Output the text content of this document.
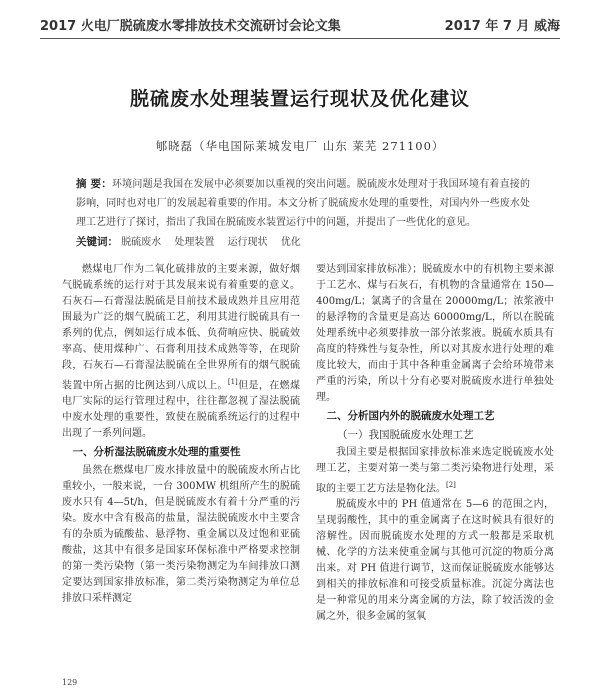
2017 火电厂脱硫废水零排放技术交流研讨会论文集	2017 年 7 月 威海
脱硫废水处理装置运行现状及优化建议
郇晓磊（华电国际莱城发电厂 山东 莱芜 271100）
摘 要：环境问题是我国在发展中必须要加以重视的突出问题。脱硫废水处理对于我国环境有着直接的影响，同时也对电厂的发展起着重要的作用。本文分析了脱硫废水处理的重要性，对国内外一些废水处理工艺进行了探讨，指出了我国在脱硫废水装置运行中的问题，并提出了一些优化的意见。
关键词： 脱硫废水 处理装置 运行现状 优化

燃煤电厂作为二氧化硫排放的主要来源，做好烟气脱硫系统的运行对于其发展来说有着重要的意义。石灰石—石膏湿法脱硫是目前技术最成熟并且应用范围最为广泛的烟气脱硫工艺，利用其进行脱硫具有一系列的优点，例如运行成本低、负荷响应快、脱硫效率高、使用煤种广、石膏利用技术成熟等等，在现阶段，石灰石—石膏湿法脱硫在全世界所有的烟气脱硫装置中所占据的比例达到八成以上。[1]但是，在燃煤电厂实际的运行管理过程中，往往都忽视了湿法脱硫中废水处理的重要性，致使在脱硫系统运行的过程中出现了一系列问题。

一、分析湿法脱硫废水处理的重要性

虽然在燃煤电厂废水排放量中的脱硫废水所占比重较小，一般来说，一台 300MW 机组所产生的脱硫废水只有 4—5t/h，但是脱硫废水有着十分严重的污染。废水中含有极高的盐量，湿法脱硫废水中主要含有的杂质为硫酸盐、悬浮物、重金属以及过饱和亚硫酸盐，这其中有很多是国家环保标准中严格要求控制的第一类污染物（第一类污染物测定为车间排放口测定要达到国家排放标准，第二类污染物测定为单位总排放口采样测定

要达到国家排放标准）；脱硫废水中的有机物主要来源于工艺水、煤与石灰石，有机物的含量通常在 150—400mg/L；氯离子的含量在 20000mg/L；浓浆液中的悬浮物的含量更是高达 60000mg/L，所以在脱硫处理系统中必须要排放一部分浓浆液。脱硫水质具有高度的特殊性与复杂性，所以对其废水进行处理的难度比较大，而由于其中各种重金属离子会给环境带来严重的污染，所以十分有必要对脱硫废水进行单独处理。

二、分析国内外的脱硫废水处理工艺
（一）我国脱硫废水处理工艺

我国主要是根据国家排放标准来选定脱硫废水处理工艺，主要对第一类与第二类污染物进行处理，采取的主要工艺方法是物化法。[2]

脱硫废水中的 PH 值通常在 5—6 的范围之内，呈现弱酸性，其中的重金属离子在这时候具有很好的溶解性。因而脱硫废水处理的方式一般都是采取机械、化学的方法来使重金属与其他可沉淀的物质分离出来。对 PH 值进行调节，这而保证脱硫废水能够达到相关的排放标准和可接受质量标准。沉淀分离法也是一种常见的用来分离金属的方法，除了较活泼的金属之外，很多金属的氢氧

129
